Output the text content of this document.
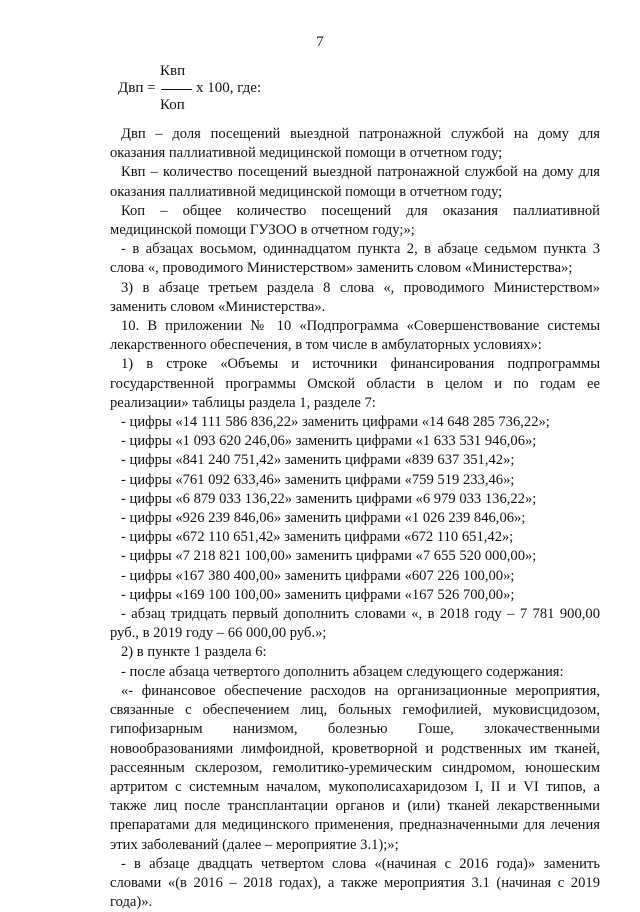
7
Квп
Двп =	х 100, где:
Коп

Двп – доля посещений выездной патронажной службой на дому для оказания паллиативной медицинской помощи в отчетном году;

Квп – количество посещений выездной патронажной службой на дому для оказания паллиативной медицинской помощи в отчетном году;

Коп – общее количество посещений для оказания паллиативной медицинской помощи ГУЗОО в отчетном году;»;

- в абзацах восьмом, одиннадцатом пункта 2, в абзаце седьмом пункта 3 слова «, проводимого Министерством» заменить словом «Министерства»;

3) в абзаце третьем раздела 8 слова «, проводимого Министерством» заменить словом «Министерства».

10. В приложении № 10 «Подпрограмма «Совершенствование системы лекарственного обеспечения, в том числе в амбулаторных условиях»:

1) в строке «Объемы и источники финансирования подпрограммы государственной программы Омской области в целом и по годам ее реализации» таблицы раздела 1, разделе 7:

- цифры «14 111 586 836,22» заменить цифрами «14 648 285 736,22»;

- цифры «1 093 620 246,06» заменить цифрами «1 633 531 946,06»;

- цифры «841 240 751,42» заменить цифрами «839 637 351,42»;

- цифры «761 092 633,46» заменить цифрами «759 519 233,46»;

- цифры «6 879 033 136,22» заменить цифрами «6 979 033 136,22»;

- цифры «926 239 846,06» заменить цифрами «1 026 239 846,06»;

- цифры «672 110 651,42» заменить цифрами «672 110 651,42»;

- цифры «7 218 821 100,00» заменить цифрами «7 655 520 000,00»;

- цифры «167 380 400,00» заменить цифрами «607 226 100,00»;

- цифры «169 100 100,00» заменить цифрами «167 526 700,00»;

- абзац тридцать первый дополнить словами «, в 2018 году – 7 781 900,00 руб., в 2019 году – 66 000,00 руб.»;

2) в пункте 1 раздела 6:

- после абзаца четвертого дополнить абзацем следующего содержания:

«- финансовое обеспечение расходов на организационные мероприятия, связанные с обеспечением лиц, больных гемофилией, муковисцидозом, гипофизарным нанизмом, болезнью Гоше, злокачественными новообразованиями лимфоидной, кроветворной и родственных им тканей, рассеянным склерозом, гемолитико-уремическим синдромом, юношеским артритом с системным началом, мукополисахаридозом I, II и VI типов, а также лиц после трансплантации органов и (или) тканей лекарственными препаратами для медицинского применения, предназначенными для лечения этих заболеваний (далее – мероприятие 3.1);»;

- в абзаце двадцать четвертом слова «(начиная с 2016 года)» заменить словами «(в 2016 – 2018 годах), а также мероприятия 3.1 (начиная с 2019 года)».
